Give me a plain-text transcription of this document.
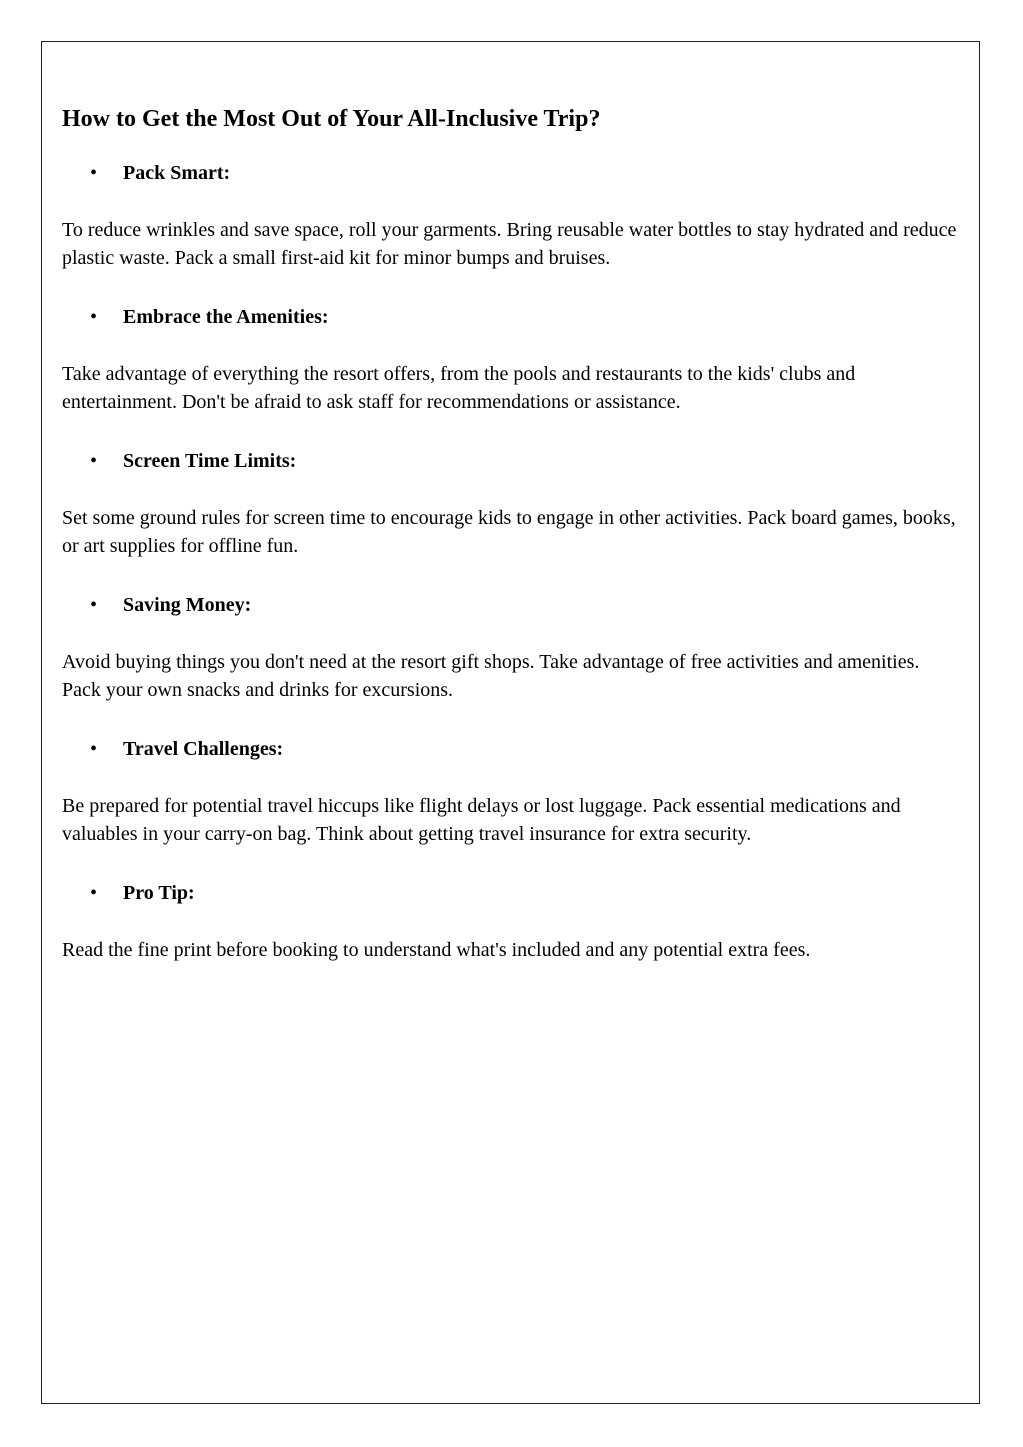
How to Get the Most Out of Your All-Inclusive Trip?
• Pack Smart:

To reduce wrinkles and save space, roll your garments. Bring reusable water bottles to stay hydrated and reduce plastic waste. Pack a small first-aid kit for minor bumps and bruises.

• Embrace the Amenities:

Take advantage of everything the resort offers, from the pools and restaurants to the kids' clubs and entertainment. Don't be afraid to ask staff for recommendations or assistance.

• Screen Time Limits:

Set some ground rules for screen time to encourage kids to engage in other activities. Pack board games, books, or art supplies for offline fun.

• Saving Money:

Avoid buying things you don't need at the resort gift shops. Take advantage of free activities and amenities. Pack your own snacks and drinks for excursions.

• Travel Challenges:

Be prepared for potential travel hiccups like flight delays or lost luggage. Pack essential medications and valuables in your carry-on bag. Think about getting travel insurance for extra security.

• Pro Tip:

Read the fine print before booking to understand what's included and any potential extra fees.
